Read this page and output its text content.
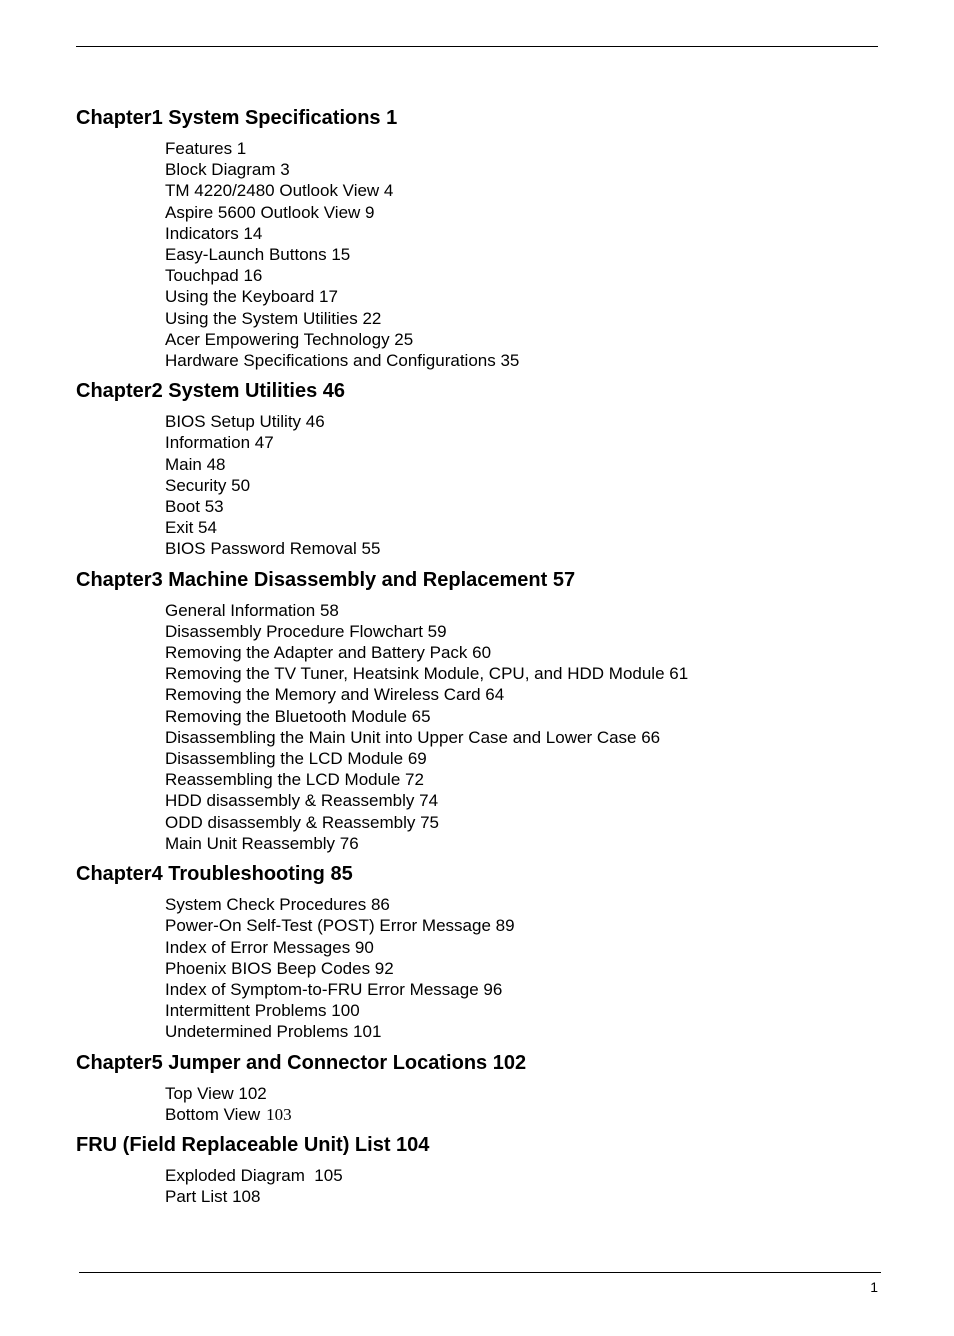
Chapter1 System Specifications 1
Features 1
Block Diagram 3
TM 4220/2480 Outlook View 4
Aspire 5600 Outlook View 9
Indicators 14
Easy-Launch Buttons 15
Touchpad 16
Using the Keyboard 17
Using the System Utilities 22
Acer Empowering Technology 25
Hardware Specifications and Configurations 35
Chapter2 System Utilities 46
BIOS Setup Utility 46
Information 47
Main 48
Security 50
Boot 53
Exit 54
BIOS Password Removal 55
Chapter3 Machine Disassembly and Replacement 57
General Information 58
Disassembly Procedure Flowchart 59
Removing the Adapter and Battery Pack 60
Removing the TV Tuner, Heatsink Module, CPU, and HDD Module 61
Removing the Memory and Wireless Card 64
Removing the Bluetooth Module 65
Disassembling the Main Unit into Upper Case and Lower Case 66
Disassembling the LCD Module 69
Reassembling the LCD Module 72
HDD disassembly & Reassembly 74
ODD disassembly & Reassembly 75
Main Unit Reassembly 76
Chapter4 Troubleshooting 85
System Check Procedures 86
Power-On Self-Test (POST) Error Message 89
Index of Error Messages 90
Phoenix BIOS Beep Codes 92
Index of Symptom-to-FRU Error Message 96
Intermittent Problems 100
Undetermined Problems 101
Chapter5 Jumper and Connector Locations 102
Top View 102
Bottom View 103
FRU (Field Replaceable Unit) List 104
Exploded Diagram  105
Part List 108
1
